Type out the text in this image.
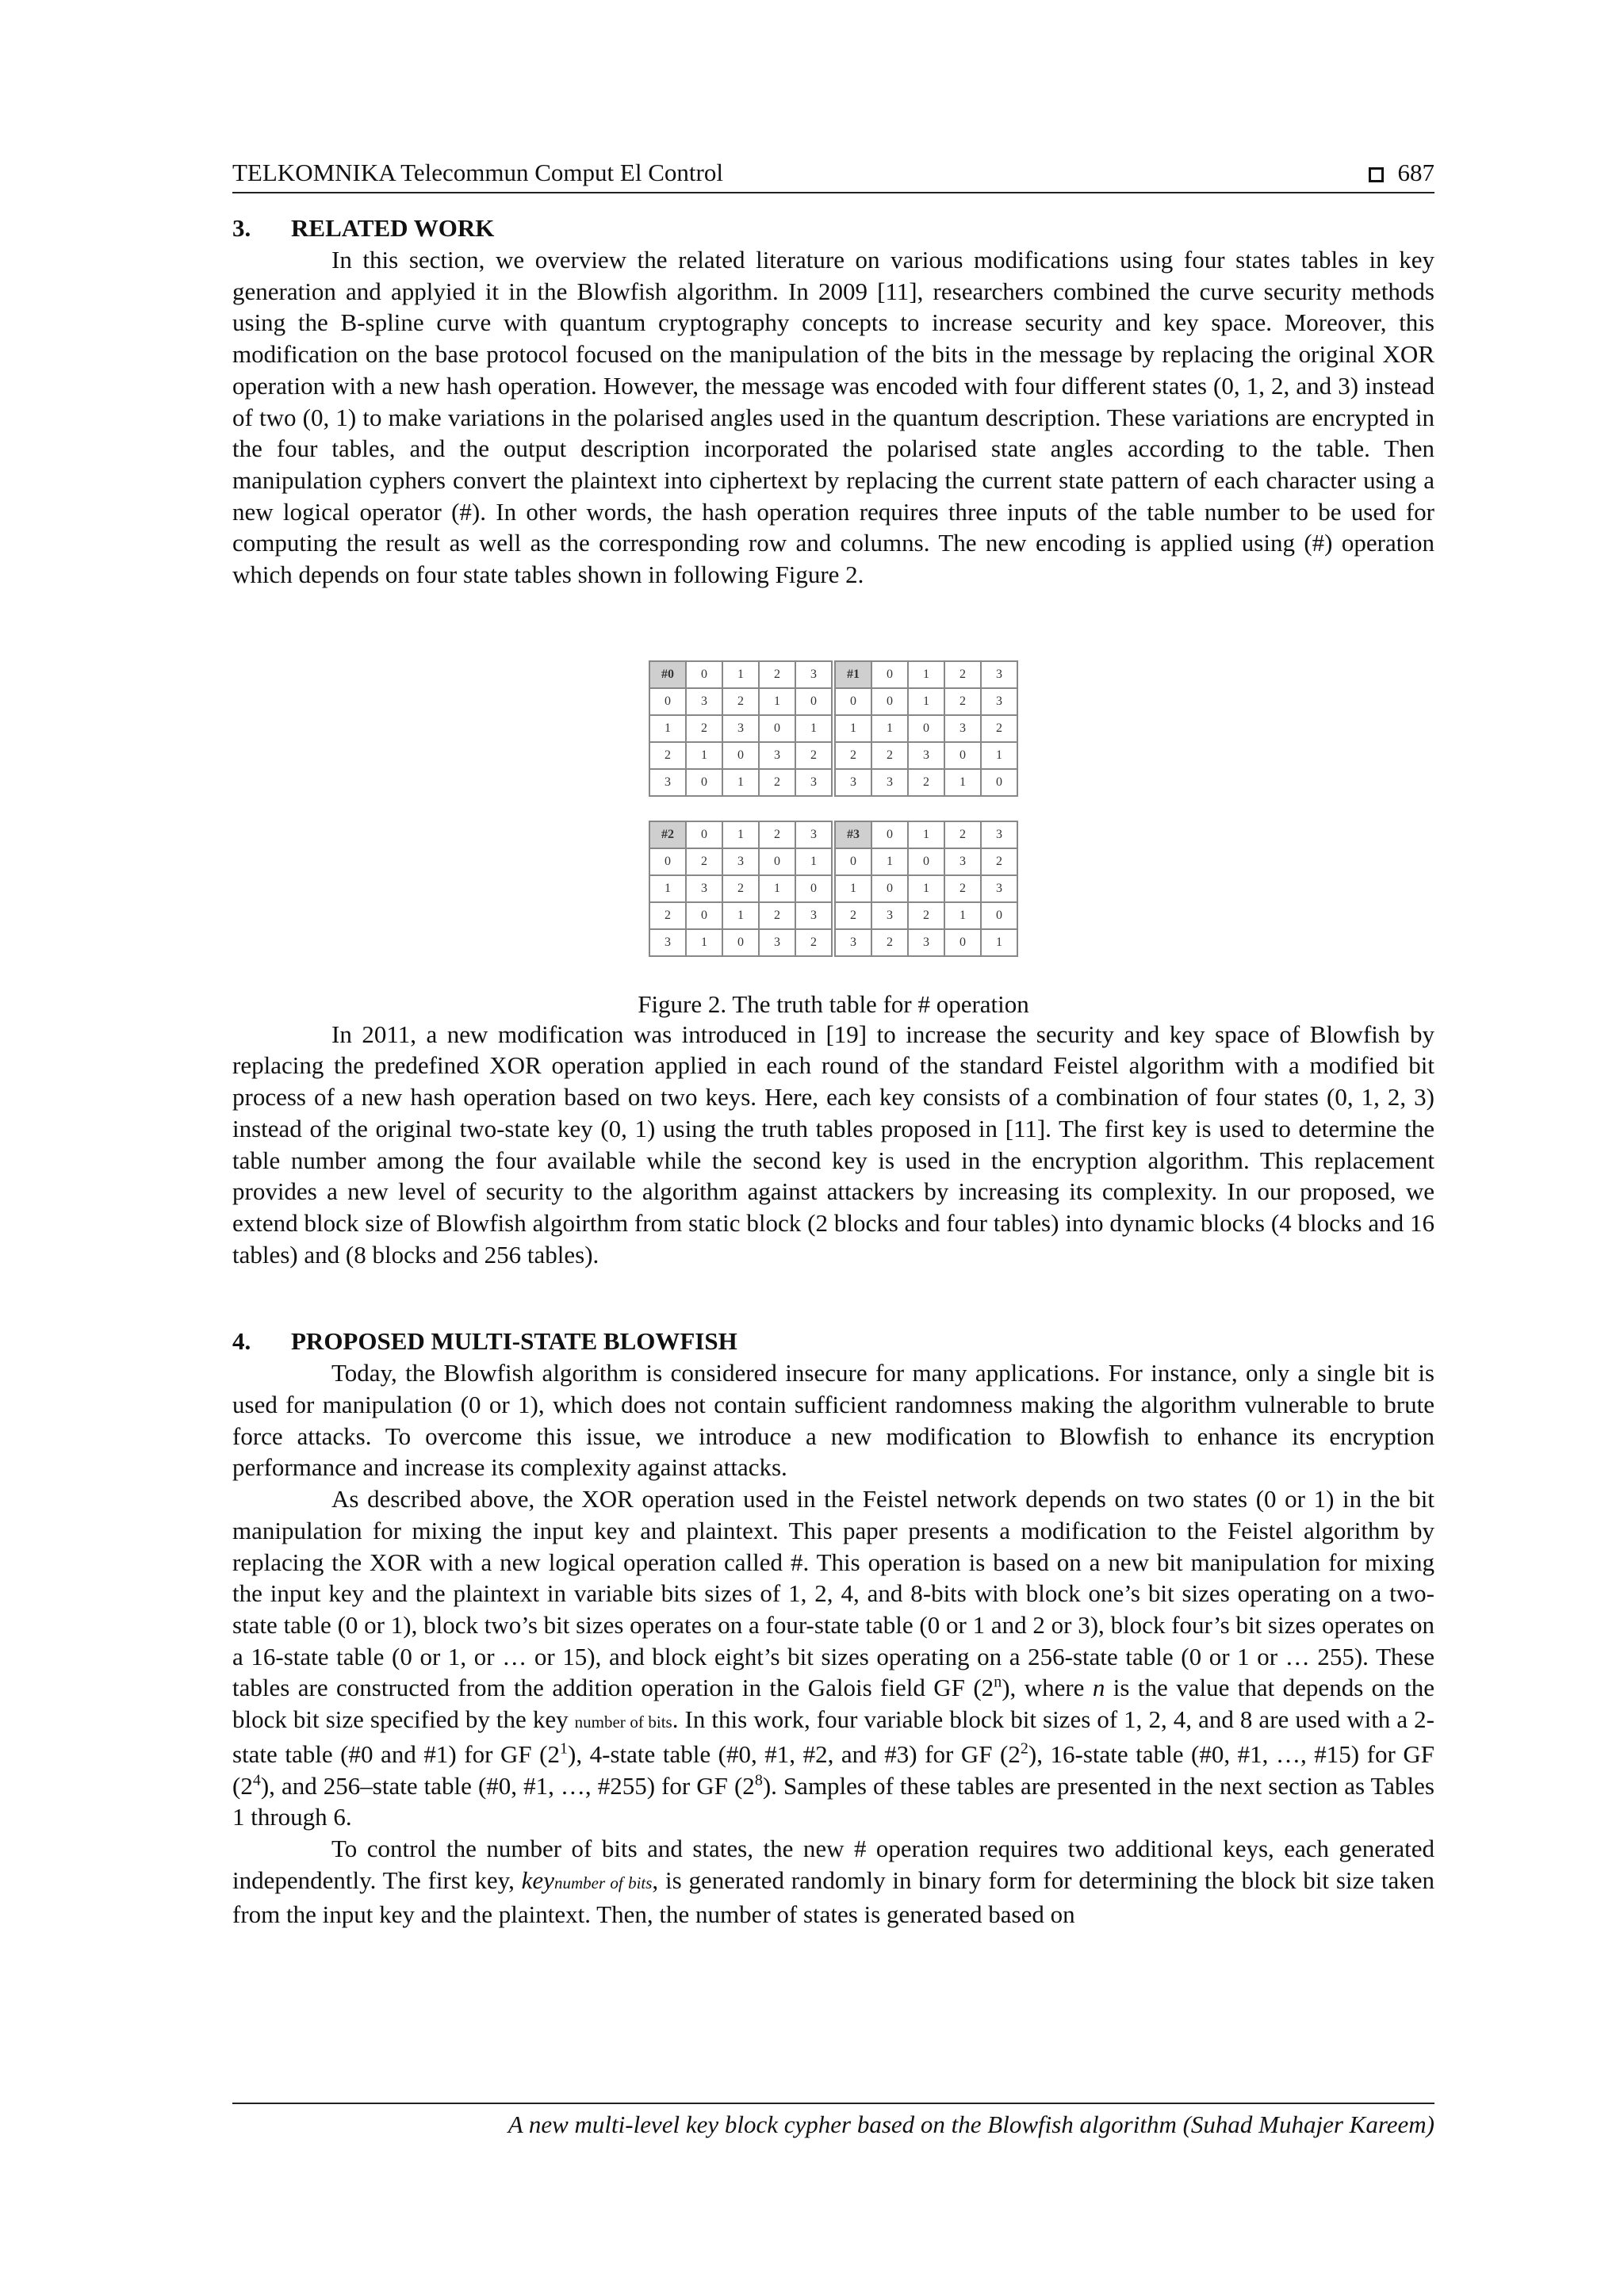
TELKOMNIKA Telecommun Comput El Control	687
3. RELATED WORK

In this section, we overview the related literature on various modifications using four states tables in key generation and applyied it in the Blowfish algorithm. In 2009 [11], researchers combined the curve security methods using the B-spline curve with quantum cryptography concepts to increase security and key space. Moreover, this modification on the base protocol focused on the manipulation of the bits in the message by replacing the original XOR operation with a new hash operation. However, the message was encoded with four different states (0, 1, 2, and 3) instead of two (0, 1) to make variations in the polarised angles used in the quantum description. These variations are encrypted in the four tables, and the output description incorporated the polarised state angles according to the table. Then manipulation cyphers convert the plaintext into ciphertext by replacing the current state pattern of each character using a new logical operator (#). In other words, the hash operation requires three inputs of the table number to be used for computing the result as well as the corresponding row and columns. The new encoding is applied using (#) operation which depends on four state tables shown in following Figure 2.

#0	0	1	2	3
0	3	2	1	0
1	2	3	0	1
2	1	0	3	2
3	0	1	2	3
#1	0	1	2	3
0	0	1	2	3
1	1	0	3	2
2	2	3	0	1
3	3	2	1	0
#2	0	1	2	3
0	2	3	0	1
1	3	2	1	0
2	0	1	2	3
3	1	0	3	2
#3	0	1	2	3
0	1	0	3	2
1	0	1	2	3
2	3	2	1	0
3	2	3	0	1
Figure 2. The truth table for # operation

In 2011, a new modification was introduced in [19] to increase the security and key space of Blowfish by replacing the predefined XOR operation applied in each round of the standard Feistel algorithm with a modified bit process of a new hash operation based on two keys. Here, each key consists of a combination of four states (0, 1, 2, 3) instead of the original two-state key (0, 1) using the truth tables proposed in [11]. The first key is used to determine the table number among the four available while the second key is used in the encryption algorithm. This replacement provides a new level of security to the algorithm against attackers by increasing its complexity. In our proposed, we extend block size of Blowfish algoirthm from static block (2 blocks and four tables) into dynamic blocks (4 blocks and 16 tables) and (8 blocks and 256 tables).

4. PROPOSED MULTI-STATE BLOWFISH

Today, the Blowfish algorithm is considered insecure for many applications. For instance, only a single bit is used for manipulation (0 or 1), which does not contain sufficient randomness making the algorithm vulnerable to brute force attacks. To overcome this issue, we introduce a new modification to Blowfish to enhance its encryption performance and increase its complexity against attacks.

As described above, the XOR operation used in the Feistel network depends on two states (0 or 1) in the bit manipulation for mixing the input key and plaintext. This paper presents a modification to the Feistel algorithm by replacing the XOR with a new logical operation called #. This operation is based on a new bit manipulation for mixing the input key and the plaintext in variable bits sizes of 1, 2, 4, and 8-bits with block one’s bit sizes operating on a two-state table (0 or 1), block two’s bit sizes operates on a four-state table (0 or 1 and 2 or 3), block four’s bit sizes operates on a 16-state table (0 or 1, or … or 15), and block eight’s bit sizes operating on a 256-state table (0 or 1 or … 255). These tables are constructed from the addition operation in the Galois field GF (2$^n$), where n is the value that depends on the block bit size specified by the key number of bits. In this work, four variable block bit sizes of 1, 2, 4, and 8 are used with a 2-state table (#0 and #1) for GF $(2^1)$, 4-state table (#0, #1, #2, and #3) for GF $(2^2)$, 16-state table (#0, #1, …, #15) for GF $(2^4)$, and 256–state table (#0, #1, …, #255) for GF $(2^8)$. Samples of these tables are presented in the next section as Tables 1 through 6.

To control the number of bits and states, the new # operation requires two additional keys, each generated independently. The first key, keynumber of bits, is generated randomly in binary form for determining the block bit size taken from the input key and the plaintext. Then, the number of states is generated based on

A new multi-level key block cypher based on the Blowfish algorithm (Suhad Muhajer Kareem)
